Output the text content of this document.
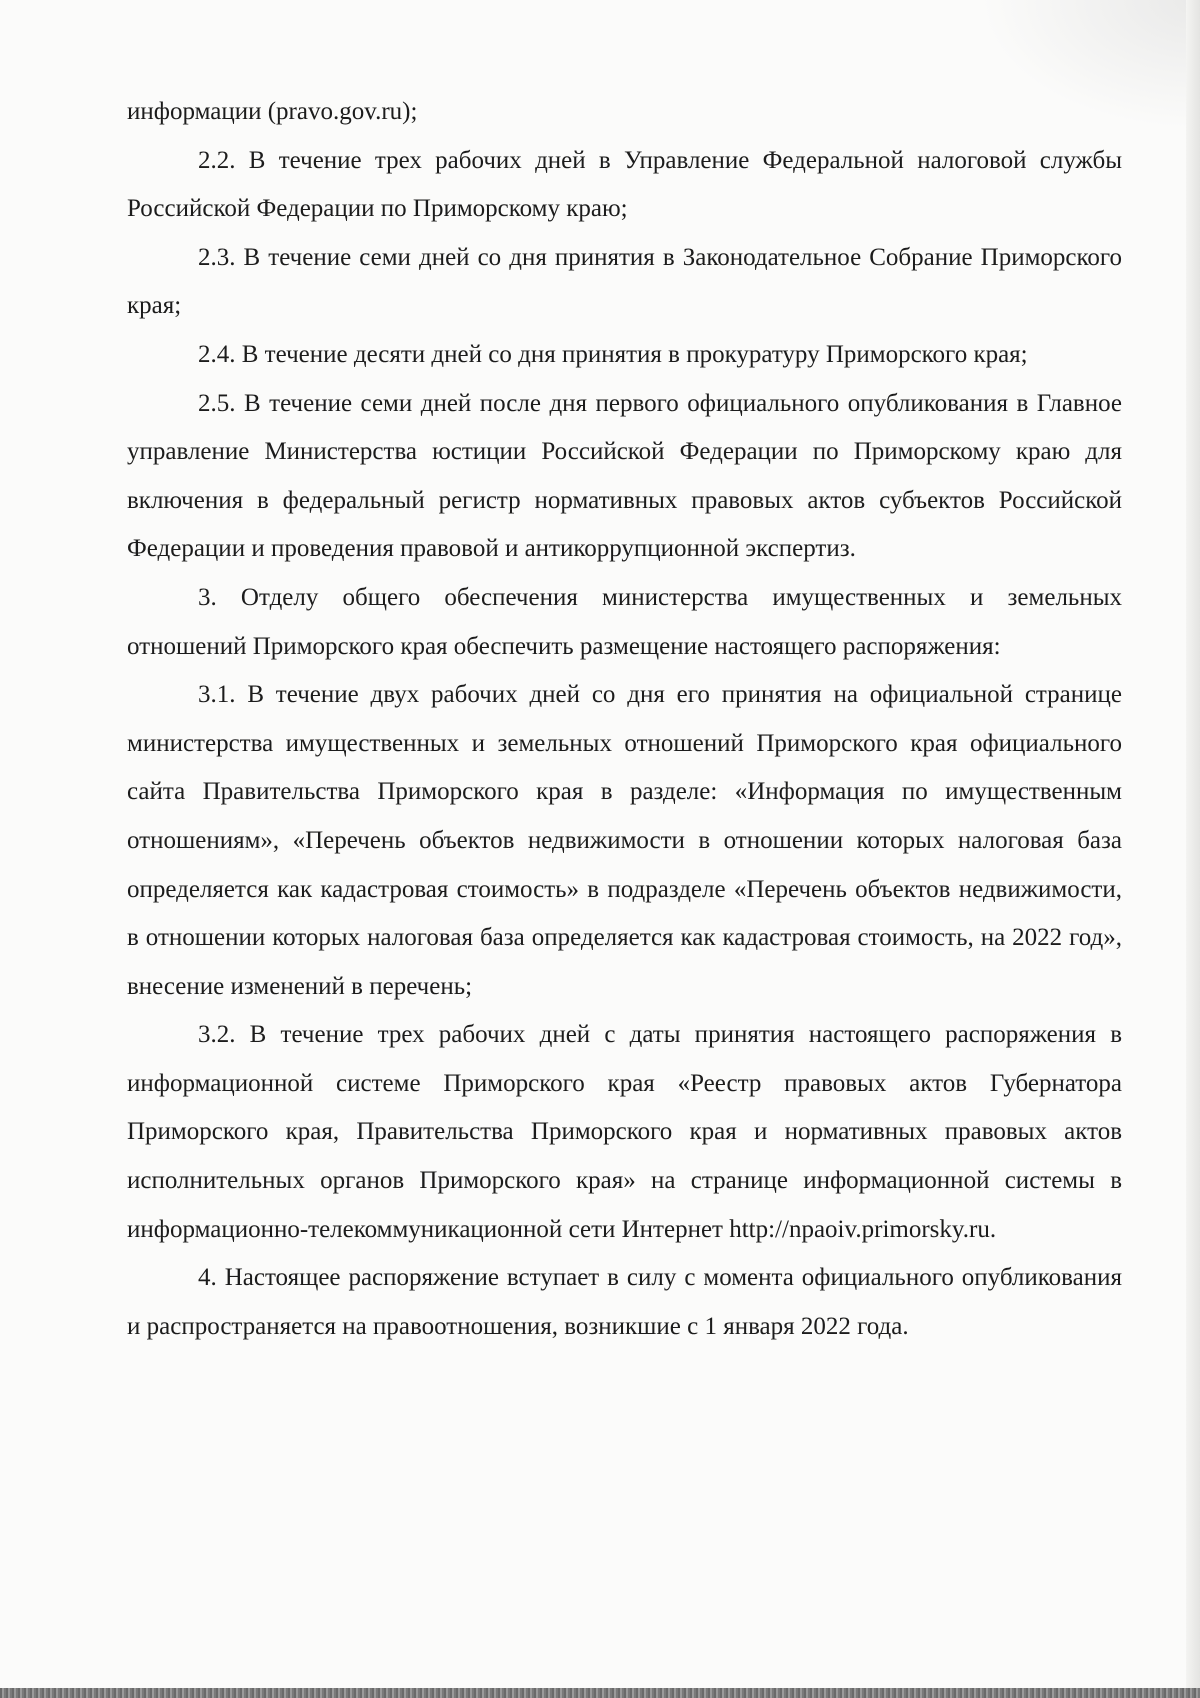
информации (pravo.gov.ru);

2.2. В течение трех рабочих дней в Управление Федеральной налоговой службы Российской Федерации по Приморскому краю;

2.3. В течение семи дней со дня принятия в Законодательное Собрание Приморского края;

2.4. В течение десяти дней со дня принятия в прокуратуру Приморского края;

2.5. В течение семи дней после дня первого официального опубликования в Главное управление Министерства юстиции Российской Федерации по Приморскому краю для включения в федеральный регистр нормативных правовых актов субъектов Российской Федерации и проведения правовой и антикоррупционной экспертиз.

3. Отделу общего обеспечения министерства имущественных и земельных отношений Приморского края обеспечить размещение настоящего распоряжения:

3.1. В течение двух рабочих дней со дня его принятия на официальной странице министерства имущественных и земельных отношений Приморского края официального сайта Правительства Приморского края в разделе: «Информация по имущественным отношениям», «Перечень объектов недвижимости в отношении которых налоговая база определяется как кадастровая стоимость» в подразделе «Перечень объектов недвижимости, в отношении которых налоговая база определяется как кадастровая стоимость, на 2022 год», внесение изменений в перечень;

3.2. В течение трех рабочих дней с даты принятия настоящего распоряжения в информационной системе Приморского края «Реестр правовых актов Губернатора Приморского края, Правительства Приморского края и нормативных правовых актов исполнительных органов Приморского края» на странице информационной системы в информационно-телекоммуникационной сети Интернет http://npaoiv.primorsky.ru.

4. Настоящее распоряжение вступает в силу с момента официального опубликования и распространяется на правоотношения, возникшие с 1 января 2022 года.
